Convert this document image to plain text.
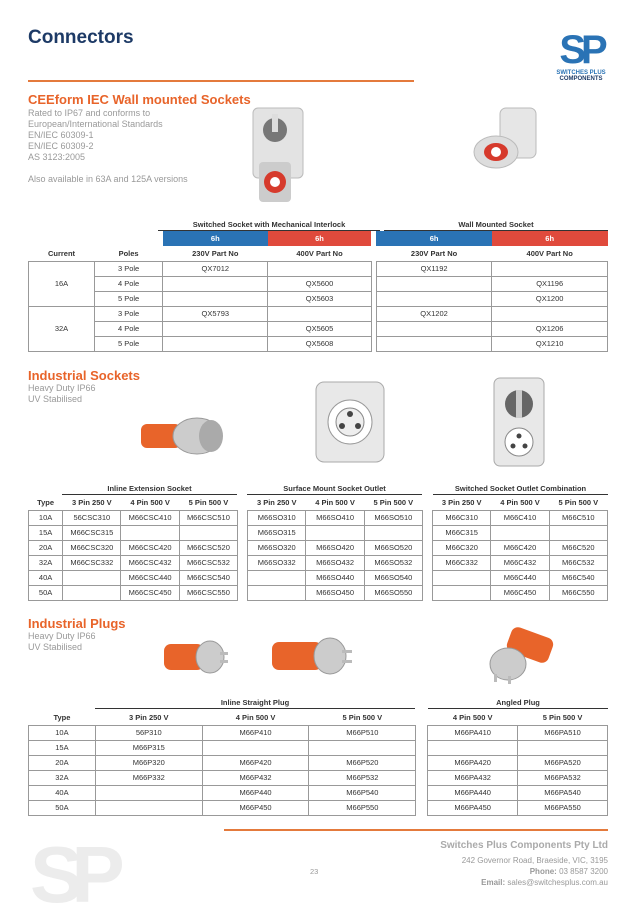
Connectors	SP
SWITCHES PLUS
COMPONENTS
CEEform IEC Wall mounted Sockets
Rated to IP67 and conforms to
European/International Standards
EN/IEC 60309-1
EN/IEC 60309-2
AS 3123:2005
Also available in 63A and 125A versions
Switched Socket with Mechanical Interlock	Wall Mounted Socket
		6h	6h		6h	6h
Current	Poles	230V Part No	400V Part No		230V Part No	400V Part No
16A	3 Pole	QX7012			QX1192	
	4 Pole		QX5600			QX1196
	5 Pole		QX5603			QX1200
32A	3 Pole	QX5793			QX1202	
	4 Pole		QX5605			QX1206
	5 Pole		QX5608			QX1210
Industrial Sockets
Heavy Duty IP66
UV Stabilised
Inline Extension Socket	Surface Mount Socket Outlet	Switched Socket Outlet Combination
Type	3 Pin 250 V	4 Pin 500 V	5 Pin 500 V		3 Pin 250 V	4 Pin 500 V	5 Pin 500 V		3 Pin 250 V	4 Pin 500 V	5 Pin 500 V
10A	56CSC310	M66CSC410	M66CSC510		M66SO310	M66SO410	M66SO510		M66C310	M66C410	M66C510
15A	M66CSC315				M66SO315				M66C315		
20A	M66CSC320	M66CSC420	M66CSC520		M66SO320	M66SO420	M66SO520		M66C320	M66C420	M66C520
32A	M66CSC332	M66CSC432	M66CSC532		M66SO332	M66SO432	M66SO532		M66C332	M66C432	M66C532
40A		M66CSC440	M66CSC540			M66SO440	M66SO540			M66C440	M66C540
50A		M66CSC450	M66CSC550			M66SO450	M66SO550			M66C450	M66C550
Industrial Plugs
Heavy Duty IP66
UV Stabilised
Inline Straight Plug	Angled Plug
Type	3 Pin 250 V	4 Pin 500 V	5 Pin 500 V		4 Pin 500 V	5 Pin 500 V
10A	56P310	M66P410	M66P510		M66PA410	M66PA510
15A	M66P315					
20A	M66P320	M66P420	M66P520		M66PA420	M66PA520
32A	M66P332	M66P432	M66P532		M66PA432	M66PA532
40A		M66P440	M66P540		M66PA440	M66PA540
50A		M66P450	M66P550		M66PA450	M66PA550
SP	23
Switches Plus Components Pty Ltd
242 Governor Road, Braeside, VIC, 3195
Phone: 03 8587 3200
Email: sales@switchesplus.com.au
